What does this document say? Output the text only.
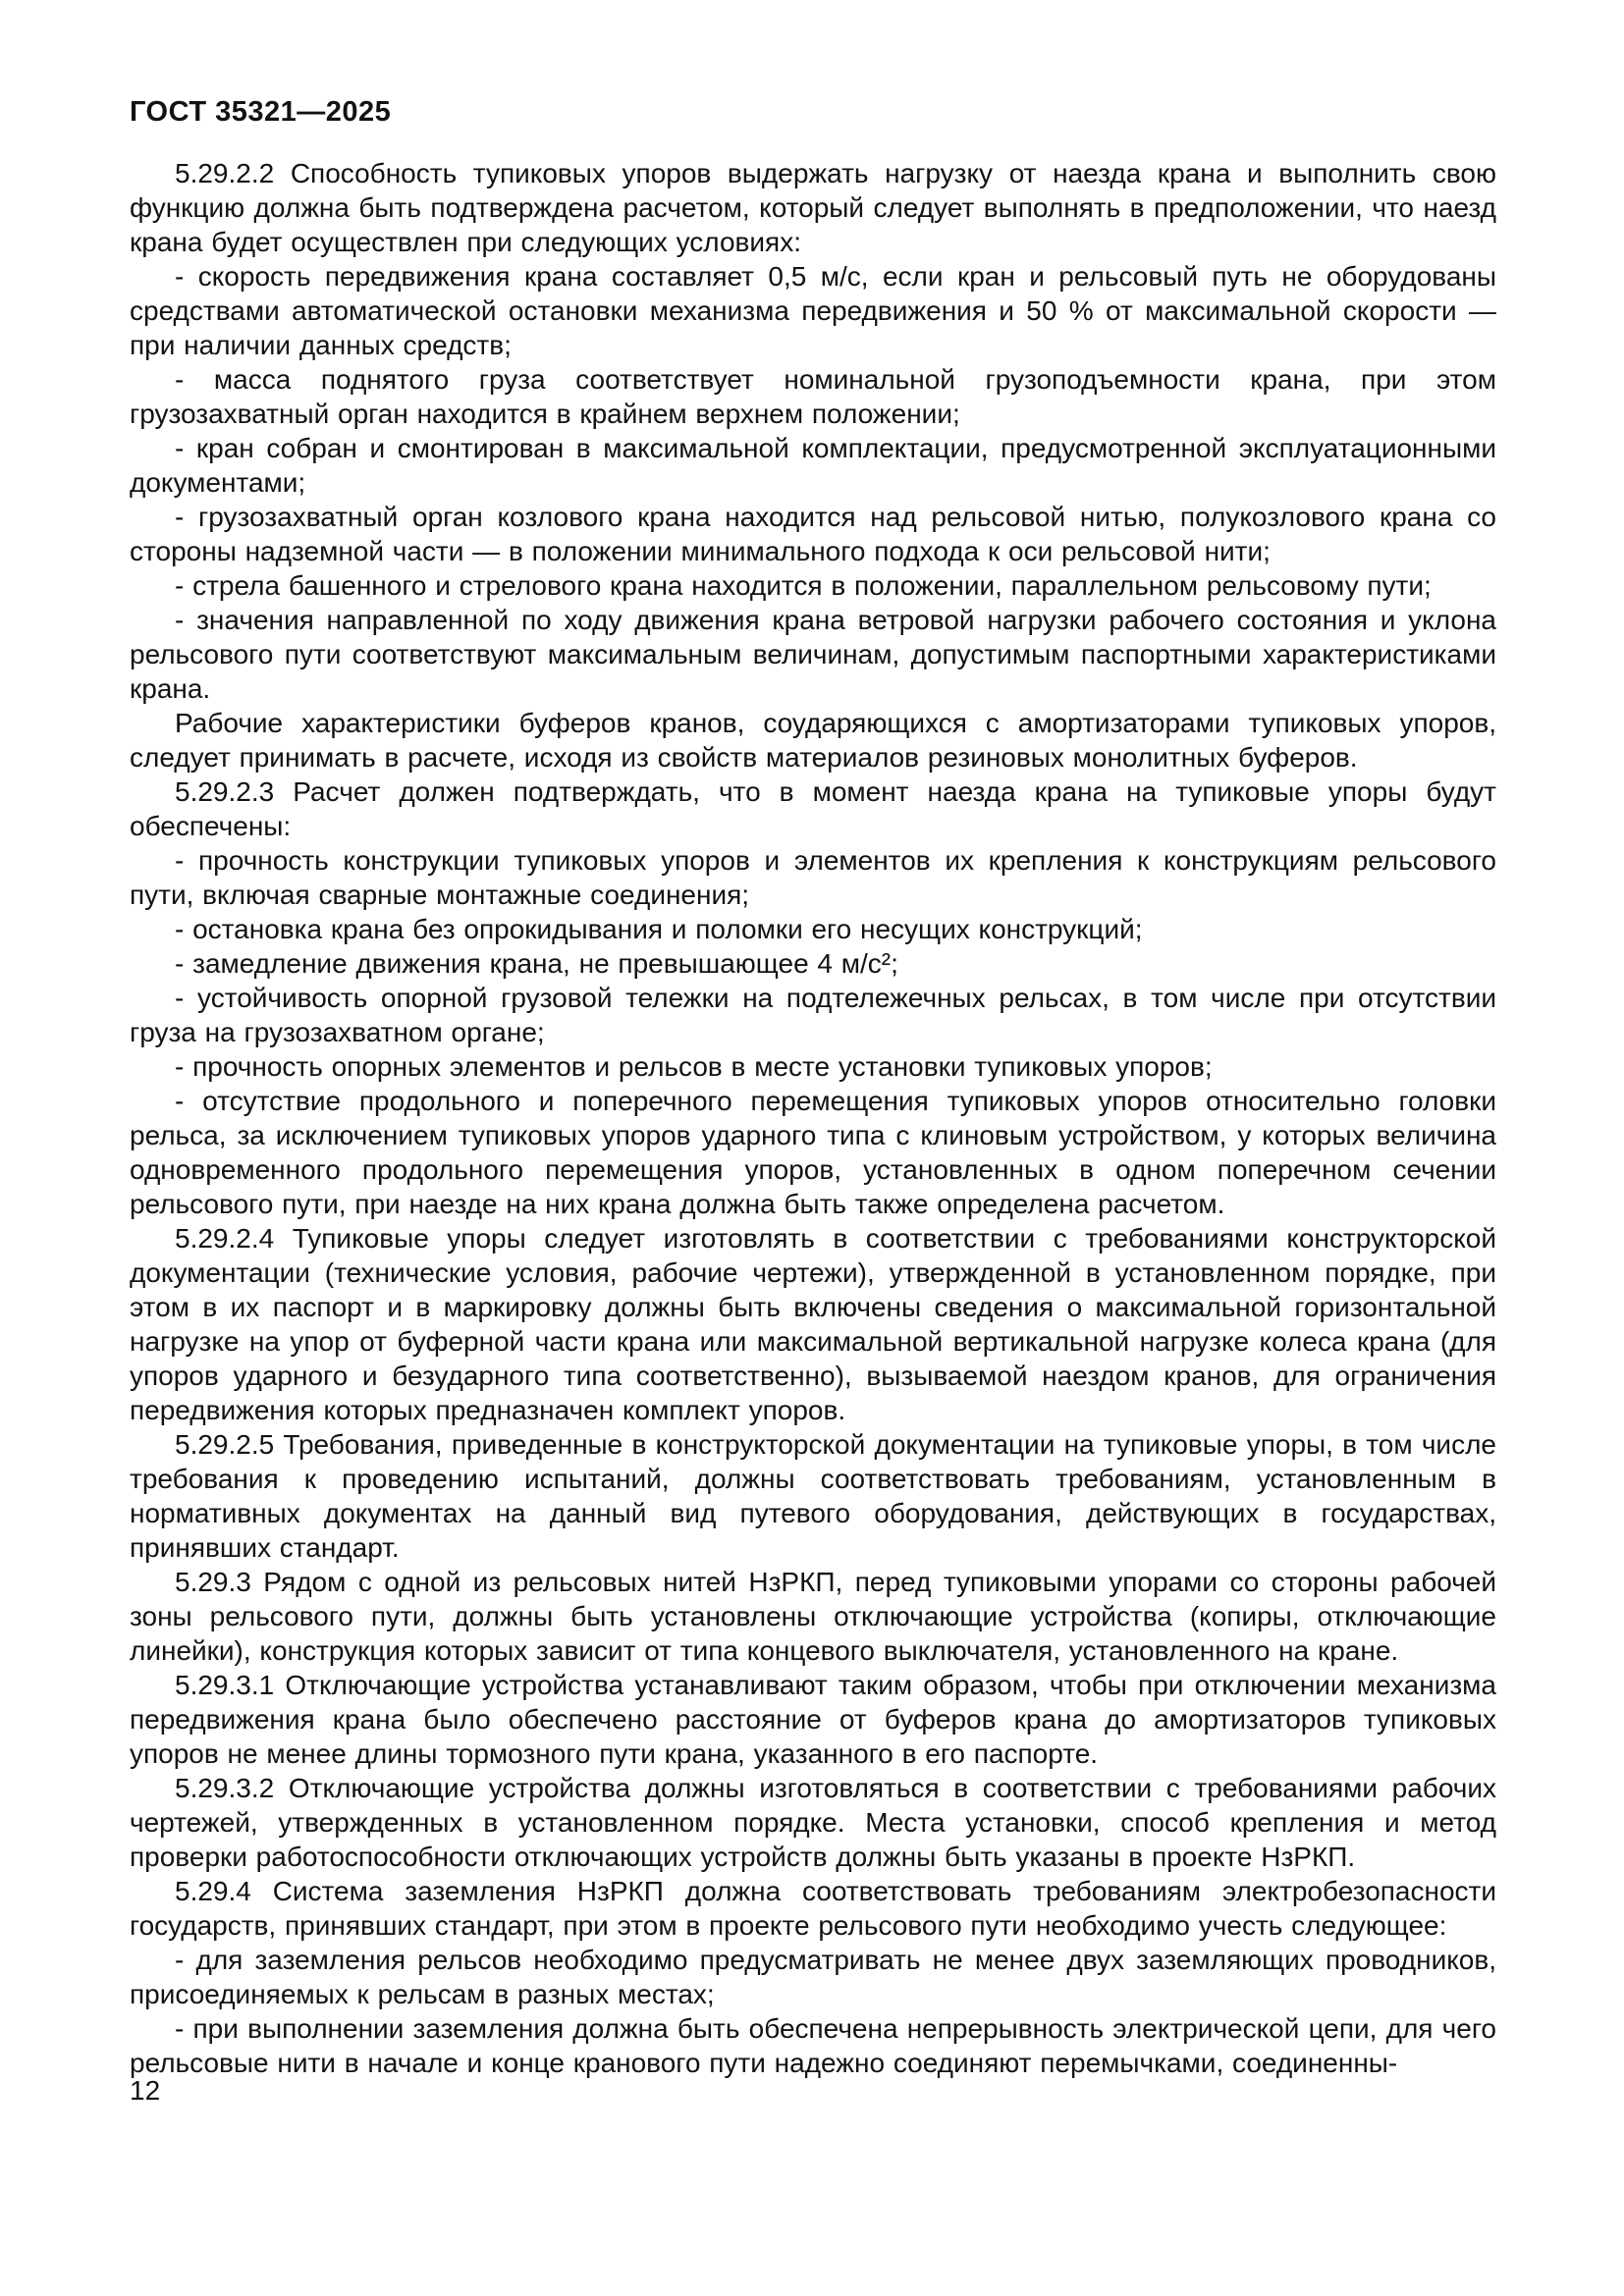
ГОСТ 35321—2025

5.29.2.2 Способность тупиковых упоров выдержать нагрузку от наезда крана и выполнить свою функцию должна быть подтверждена расчетом, который следует выполнять в предположении, что наезд крана будет осуществлен при следующих условиях:

- скорость передвижения крана составляет 0,5 м/с, если кран и рельсовый путь не оборудованы средствами автоматической остановки механизма передвижения и 50 % от максимальной скорости — при наличии данных средств;

- масса поднятого груза соответствует номинальной грузоподъемности крана, при этом грузозахватный орган находится в крайнем верхнем положении;

- кран собран и смонтирован в максимальной комплектации, предусмотренной эксплуатационными документами;

- грузозахватный орган козлового крана находится над рельсовой нитью, полукозлового крана со стороны надземной части — в положении минимального подхода к оси рельсовой нити;

- стрела башенного и стрелового крана находится в положении, параллельном рельсовому пути;

- значения направленной по ходу движения крана ветровой нагрузки рабочего состояния и уклона рельсового пути соответствуют максимальным величинам, допустимым паспортными характеристиками крана.

Рабочие характеристики буферов кранов, соударяющихся с амортизаторами тупиковых упоров, следует принимать в расчете, исходя из свойств материалов резиновых монолитных буферов.

5.29.2.3 Расчет должен подтверждать, что в момент наезда крана на тупиковые упоры будут обеспечены:

- прочность конструкции тупиковых упоров и элементов их крепления к конструкциям рельсового пути, включая сварные монтажные соединения;

- остановка крана без опрокидывания и поломки его несущих конструкций;

- замедление движения крана, не превышающее 4 м/с²;

- устойчивость опорной грузовой тележки на подтележечных рельсах, в том числе при отсутствии груза на грузозахватном органе;

- прочность опорных элементов и рельсов в месте установки тупиковых упоров;

- отсутствие продольного и поперечного перемещения тупиковых упоров относительно головки рельса, за исключением тупиковых упоров ударного типа с клиновым устройством, у которых величина одновременного продольного перемещения упоров, установленных в одном поперечном сечении рельсового пути, при наезде на них крана должна быть также определена расчетом.

5.29.2.4 Тупиковые упоры следует изготовлять в соответствии с требованиями конструкторской документации (технические условия, рабочие чертежи), утвержденной в установленном порядке, при этом в их паспорт и в маркировку должны быть включены сведения о максимальной горизонтальной нагрузке на упор от буферной части крана или максимальной вертикальной нагрузке колеса крана (для упоров ударного и безударного типа соответственно), вызываемой наездом кранов, для ограничения передвижения которых предназначен комплект упоров.

5.29.2.5 Требования, приведенные в конструкторской документации на тупиковые упоры, в том числе требования к проведению испытаний, должны соответствовать требованиям, установленным в нормативных документах на данный вид путевого оборудования, действующих в государствах, принявших стандарт.

5.29.3 Рядом с одной из рельсовых нитей НзРКП, перед тупиковыми упорами со стороны рабочей зоны рельсового пути, должны быть установлены отключающие устройства (копиры, отключающие линейки), конструкция которых зависит от типа концевого выключателя, установленного на кране.

5.29.3.1 Отключающие устройства устанавливают таким образом, чтобы при отключении механизма передвижения крана было обеспечено расстояние от буферов крана до амортизаторов тупиковых упоров не менее длины тормозного пути крана, указанного в его паспорте.

5.29.3.2 Отключающие устройства должны изготовляться в соответствии с требованиями рабочих чертежей, утвержденных в установленном порядке. Места установки, способ крепления и метод проверки работоспособности отключающих устройств должны быть указаны в проекте НзРКП.

5.29.4 Система заземления НзРКП должна соответствовать требованиям электробезопасности государств, принявших стандарт, при этом в проекте рельсового пути необходимо учесть следующее:

- для заземления рельсов необходимо предусматривать не менее двух заземляющих проводников, присоединяемых к рельсам в разных местах;

- при выполнении заземления должна быть обеспечена непрерывность электрической цепи, для чего рельсовые нити в начале и конце кранового пути надежно соединяют перемычками, соединенны-

12
